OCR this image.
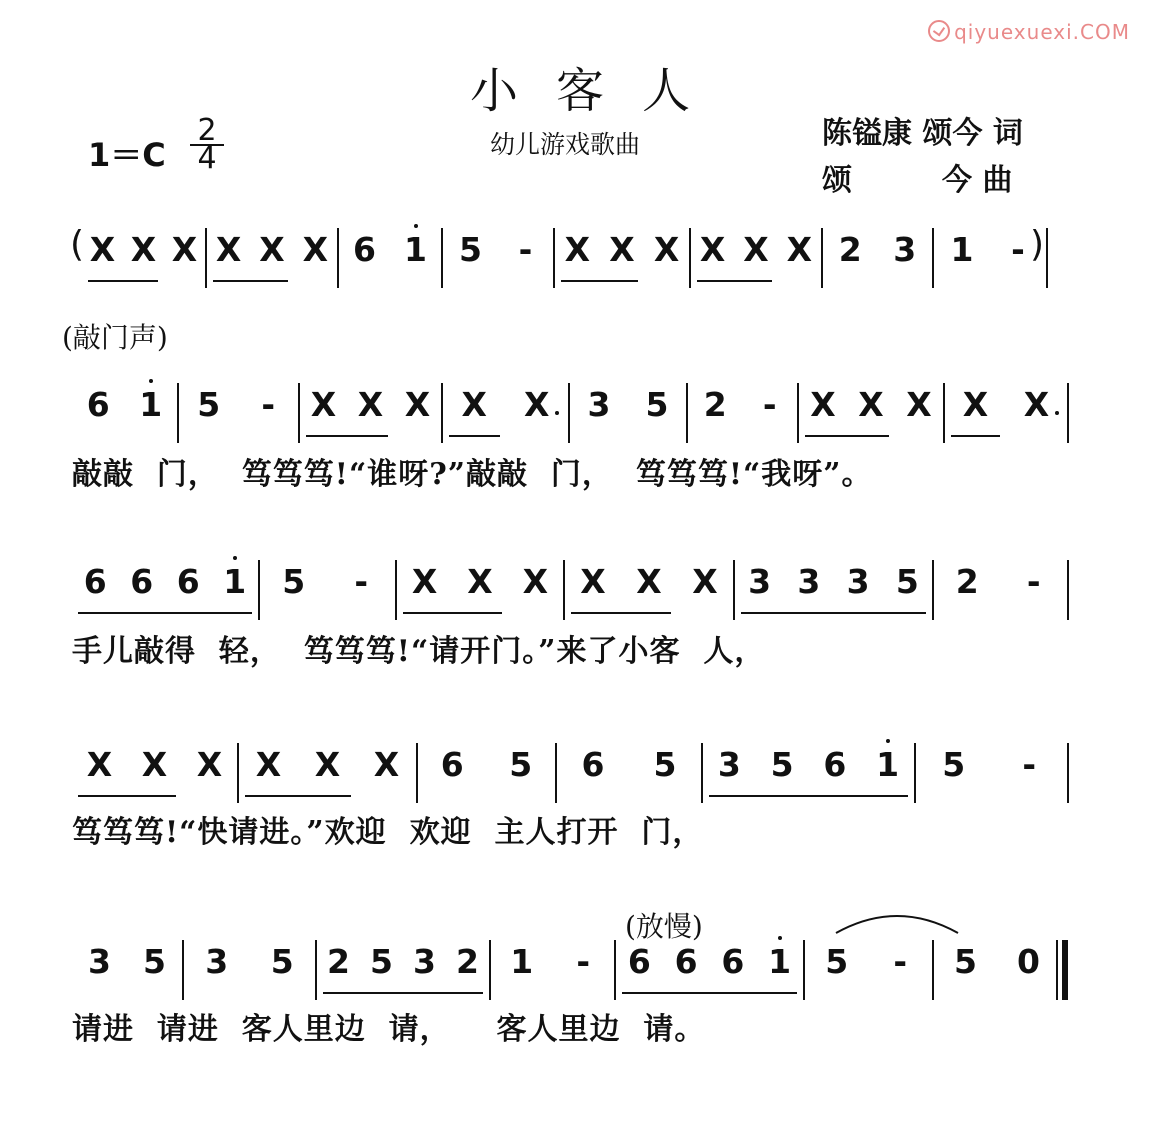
qiyuexuexi.COM
小客人
幼儿游戏歌曲
$1=C \frac{2}{4}$	陈镒康 颂今 词
颂　　　今 曲
( X X X X X X 6 1 5	- X X X X X X 2 3 1	- )
(敲门声)
6 1 5	-	X X X X X 3 5 2	-	X X X X X
敲敲  门，  笃笃笃!“谁呀?”敲敲  门，  笃笃笃!“我呀”。
6 6 6 1 5	-	X X X X X X 3 3 3 5 2	-
手儿敲得  轻，  笃笃笃!“请开门。”来了小客  人，
X X X X X X 6 5 6 5 3 5 6 1 5	-
笃笃笃!“快请进。”欢迎  欢迎  主人打开  门，
3 5 3 5 2 5 3 2 1	-	6 6 6 1 5	-	5 0
(放慢)
请进  请进  客人里边  请，    客人里边  请。
